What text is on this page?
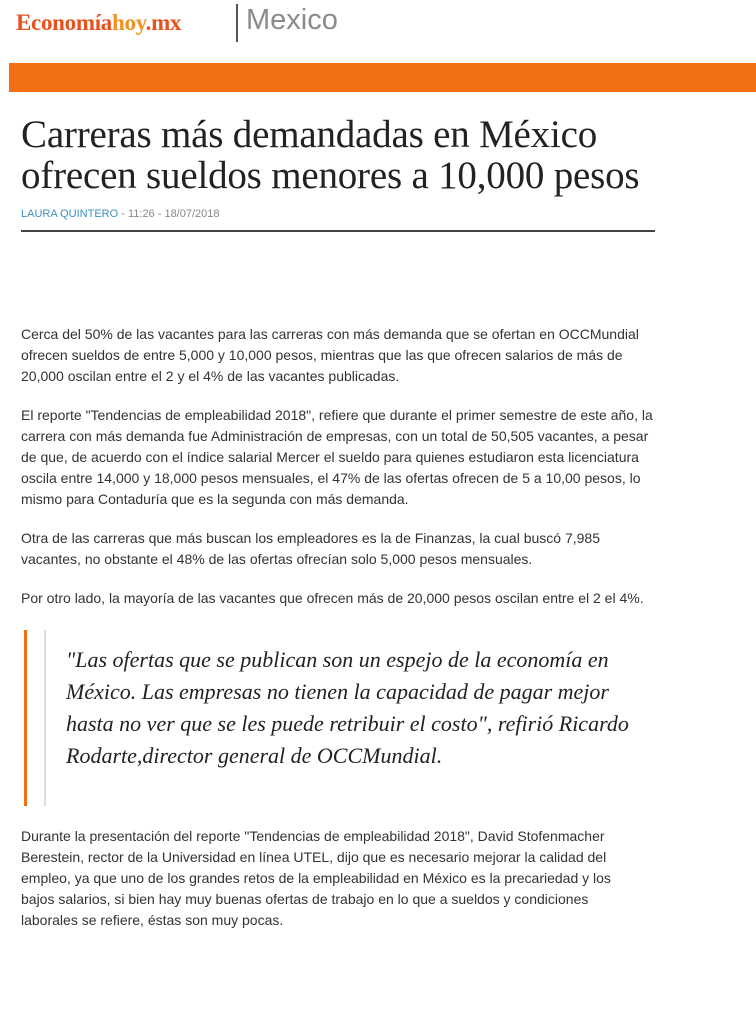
Economíahoy.mx Mexico
Carreras más demandadas en México ofrecen sueldos menores a 10,000 pesos
LAURA QUINTERO - 11:26 - 18/07/2018

Cerca del 50% de las vacantes para las carreras con más demanda que se ofertan en OCCMundial ofrecen sueldos de entre 5,000 y 10,000 pesos, mientras que las que ofrecen salarios de más de 20,000 oscilan entre el 2 y el 4% de las vacantes publicadas.

El reporte "Tendencias de empleabilidad 2018", refiere que durante el primer semestre de este año, la carrera con más demanda fue Administración de empresas, con un total de 50,505 vacantes, a pesar de que, de acuerdo con el índice salarial Mercer el sueldo para quienes estudiaron esta licenciatura oscila entre 14,000 y 18,000 pesos mensuales, el 47% de las ofertas ofrecen de 5 a 10,00 pesos, lo mismo para Contaduría que es la segunda con más demanda.

Otra de las carreras que más buscan los empleadores es la de Finanzas, la cual buscó 7,985 vacantes, no obstante el 48% de las ofertas ofrecían solo 5,000 pesos mensuales.

Por otro lado, la mayoría de las vacantes que ofrecen más de 20,000 pesos oscilan entre el 2 el 4%.

"Las ofertas que se publican son un espejo de la economía en México. Las empresas no tienen la capacidad de pagar mejor hasta no ver que se les puede retribuir el costo", refirió Ricardo Rodarte,director general de OCCMundial.

Durante la presentación del reporte "Tendencias de empleabilidad 2018", David Stofenmacher Berestein, rector de la Universidad en línea UTEL, dijo que es necesario mejorar la calidad del empleo, ya que uno de los grandes retos de la empleabilidad en México es la precariedad y los bajos salarios, si bien hay muy buenas ofertas de trabajo en lo que a sueldos y condiciones laborales se refiere, éstas son muy pocas.
